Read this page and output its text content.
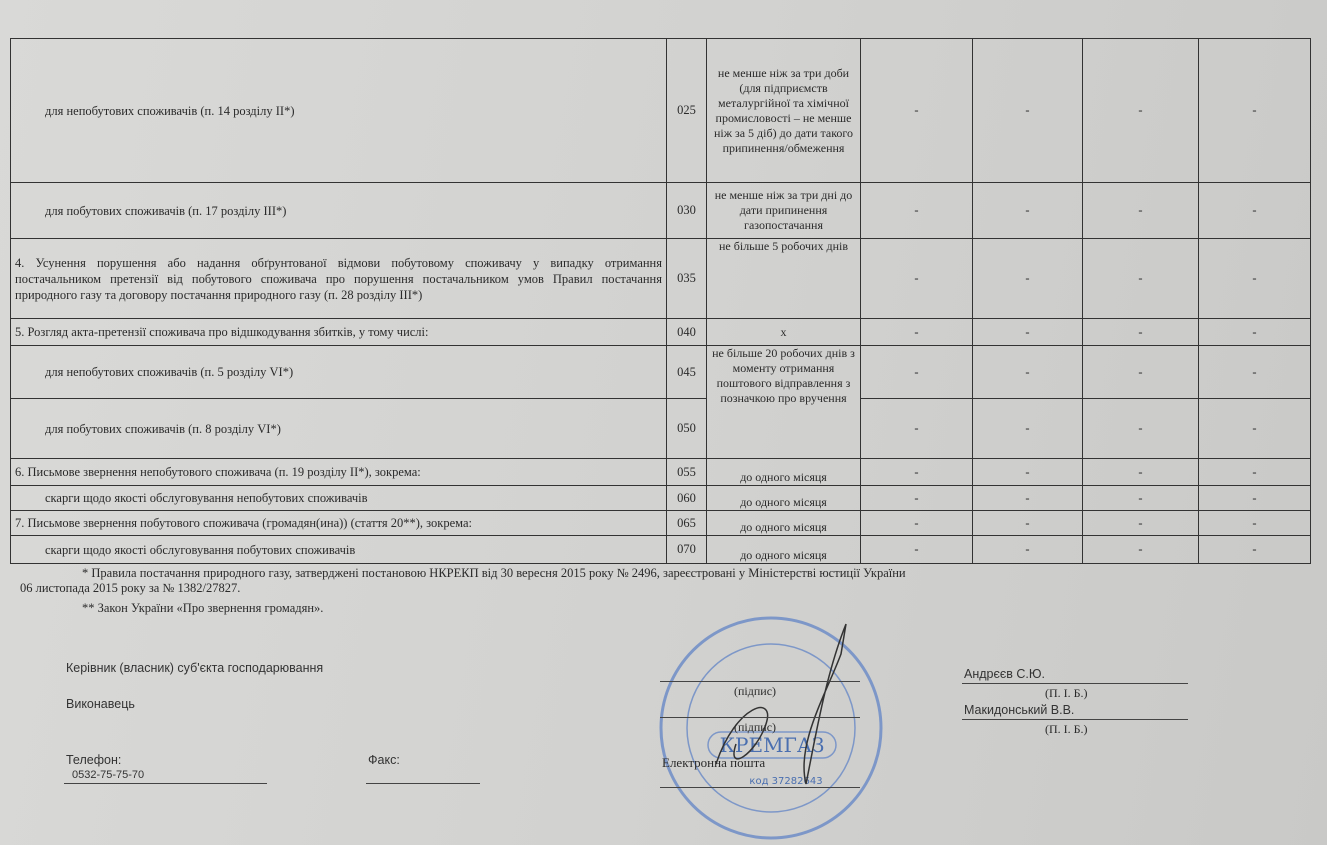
для непобутових споживачів (п. 14 розділу ІІ*)	025	не менше ніж за три доби (для підприємств металургійної та хімічної промисловості – не менше ніж за 5 діб) до дати такого припинення/обмеження	-	-	-	-
для побутових споживачів (п. 17 розділу ІІІ*)	030	не менше ніж за три дні до дати припинення газопостачання	-	-	-	-
4. Усунення порушення або надання обґрунтованої відмови побутовому споживачу у випадку отримання постачальником претензії від побутового споживача про порушення постачальником умов Правил постачання природного газу та договору постачання природного газу (п. 28 розділу ІІІ*)	035	не більше 5 робочих днів	-	-	-	-
5. Розгляд акта-претензії споживача про відшкодування збитків, у тому числі:	040	х	-	-	-	-
для непобутових споживачів (п. 5 розділу VI*)	045	не більше 20 робочих днів з моменту отримання поштового відправлення з позначкою про вручення	-	-	-	-
для побутових споживачів (п. 8 розділу VI*)	050		-	-	-	-
6. Письмове звернення непобутового споживача (п. 19 розділу ІІ*), зокрема:	055	до одного місяця	-	-	-	-
скарги щодо якості обслуговування непобутових споживачів	060	до одного місяця	-	-	-	-
7. Письмове звернення побутового споживача (громадян(ина)) (стаття 20**), зокрема:	065	до одного місяця	-	-	-	-
скарги щодо якості обслуговування побутових споживачів	070	до одного місяця	-	-	-	-
* Правила постачання природного газу, затверджені постановою НКРЕКП від 30 вересня 2015 року № 2496, зареєстровані у Міністерстві юстиції України
06 листопада 2015 року за № 1382/27827.
** Закон України «Про звернення громадян».
Керівник (власник) суб'єкта господарювання
Виконавець
КРЕМГАЗ
код 37282643
(підпис)
(підпис)
Андрєєв С.Ю.
(П. І. Б.)
Макидонський В.В.
(П. І. Б.)
Телефон:
0532-75-75-70
Факс:	Електронна пошта
